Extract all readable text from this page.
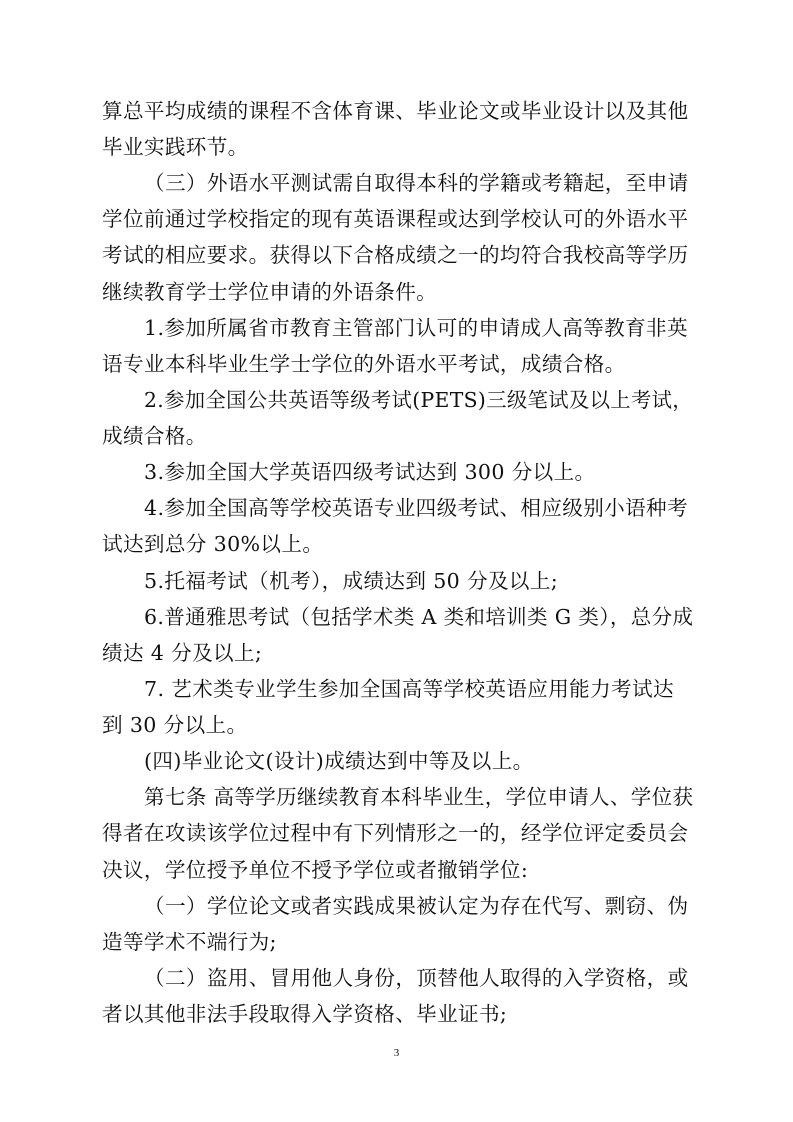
算总平均成绩的课程不含体育课、毕业论文或毕业设计以及其他
毕业实践环节。
（三）外语水平测试需自取得本科的学籍或考籍起，至申请
学位前通过学校指定的现有英语课程或达到学校认可的外语水平
考试的相应要求。获得以下合格成绩之一的均符合我校高等学历
继续教育学士学位申请的外语条件。
1.参加所属省市教育主管部门认可的申请成人高等教育非英
语专业本科毕业生学士学位的外语水平考试，成绩合格。
2.参加全国公共英语等级考试(PETS)三级笔试及以上考试，
成绩合格。
3.参加全国大学英语四级考试达到 300 分以上。
4.参加全国高等学校英语专业四级考试、相应级别小语种考
试达到总分 30%以上。
5.托福考试（机考），成绩达到 50 分及以上;
6.普通雅思考试（包括学术类 A 类和培训类 G 类），总分成
绩达 4 分及以上;
7. 艺术类专业学生参加全国高等学校英语应用能力考试达
到 30 分以上。
(四)毕业论文(设计)成绩达到中等及以上。
第七条 高等学历继续教育本科毕业生，学位申请人、学位获
得者在攻读该学位过程中有下列情形之一的，经学位评定委员会
决议，学位授予单位不授予学位或者撤销学位:
（一）学位论文或者实践成果被认定为存在代写、剽窃、伪
造等学术不端行为;
（二）盗用、冒用他人身份，顶替他人取得的入学资格，或
者以其他非法手段取得入学资格、毕业证书;
3
